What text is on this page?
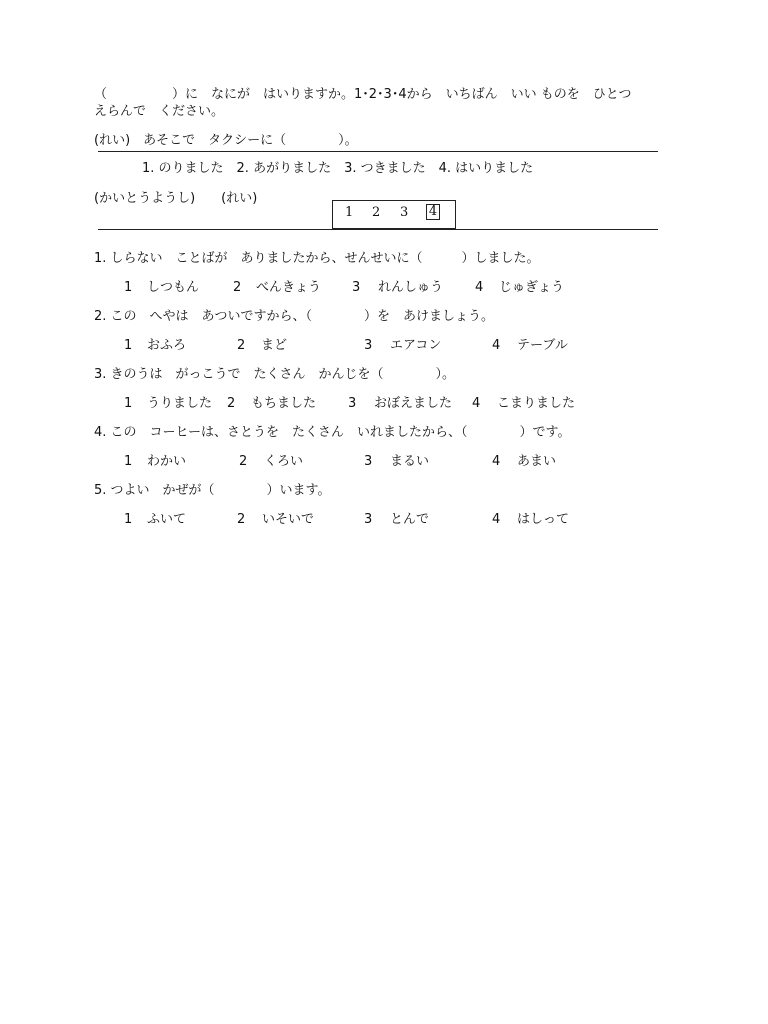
（　　　　　）に　なにが　はいりますか。1･2･3･4から　いちばん　いい ものを　ひとつ
えらんで　ください。
(れい)　あそこで　タクシーに（　　　　）。
1. のりました　2. あがりました　3. つきました　4. はいりました
(かいとうようし)　　(れい)

1

2

3

4

1. しらない　ことばが　ありましたから、せんせいに（　　　）しました。
1 しつもん	2 べんきょう 3 れんしゅう 4 じゅぎょう
2. この　へやは　あついですから、（　　　　）を　あけましょう。
1 おふろ	2 まど	3 エアコン	4 テーブル
3. きのうは　がっこうで　たくさん　かんじを（　　　　）。
1 うりました 2 もちました 3 おぼえました 4 こまりました
4. この　コーヒーは、さとうを　たくさん　いれましたから、（　　　　）です。
1 わかい	2 くろい	3 まるい	4 あまい
5. つよい　かぜが（　　　　）います。
1 ふいて	2 いそいで	3 とんで	4 はしって
